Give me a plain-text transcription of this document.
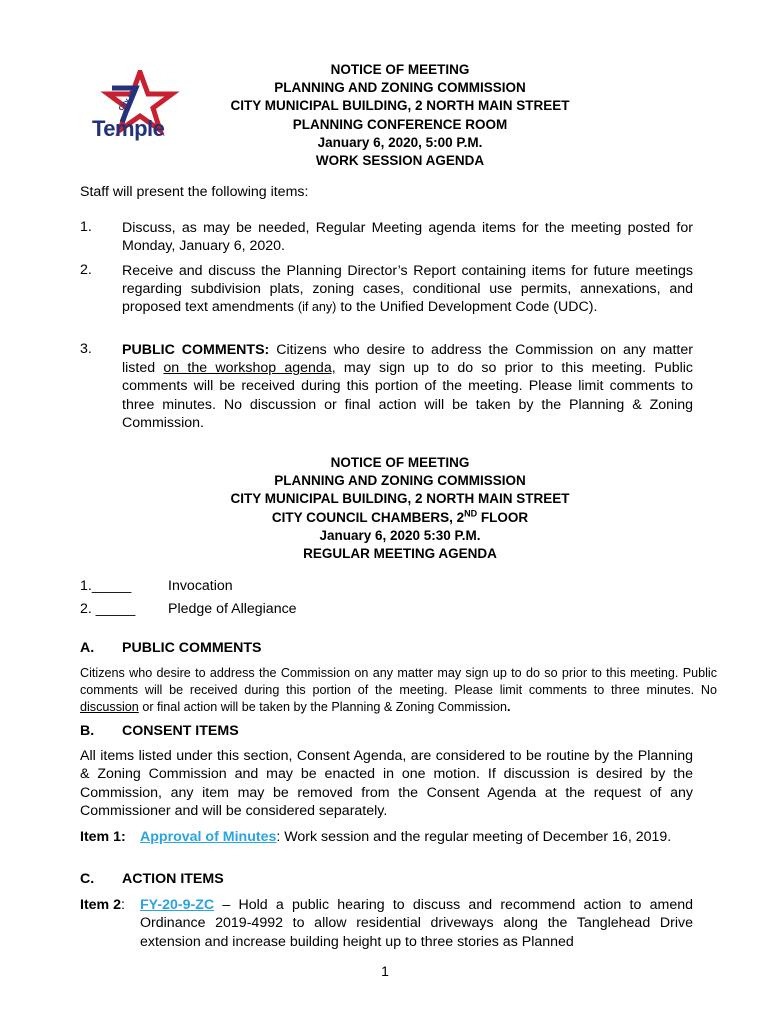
City of
Temple
NOTICE OF MEETING
PLANNING AND ZONING COMMISSION
CITY MUNICIPAL BUILDING, 2 NORTH MAIN STREET
PLANNING CONFERENCE ROOM
January 6, 2020, 5:00 P.M.
WORK SESSION AGENDA
Staff will present the following items:
1. Discuss, as may be needed, Regular Meeting agenda items for the meeting posted for Monday, January 6, 2020.
2. Receive and discuss the Planning Director’s Report containing items for future meetings regarding subdivision plats, zoning cases, conditional use permits, annexations, and proposed text amendments (if any) to the Unified Development Code (UDC).
3. PUBLIC COMMENTS: Citizens who desire to address the Commission on any matter listed on the workshop agenda, may sign up to do so prior to this meeting. Public comments will be received during this portion of the meeting. Please limit comments to three minutes. No discussion or final action will be taken by the Planning & Zoning Commission.
NOTICE OF MEETING
PLANNING AND ZONING COMMISSION
CITY MUNICIPAL BUILDING, 2 NORTH MAIN STREET
CITY COUNCIL CHAMBERS, 2ND FLOOR
January 6, 2020 5:30 P.M.
REGULAR MEETING AGENDA
1._____	Invocation
2. _____ Pledge of Allegiance
A. PUBLIC COMMENTS
Citizens who desire to address the Commission on any matter may sign up to do so prior to this meeting. Public comments will be received during this portion of the meeting. Please limit comments to three minutes. No discussion or final action will be taken by the Planning & Zoning Commission.
B. CONSENT ITEMS
All items listed under this section, Consent Agenda, are considered to be routine by the Planning & Zoning Commission and may be enacted in one motion. If discussion is desired by the Commission, any item may be removed from the Consent Agenda at the request of any Commissioner and will be considered separately.
Item 1: Approval of Minutes: Work session and the regular meeting of December 16, 2019.
C. ACTION ITEMS
Item 2: FY-20-9-ZC – Hold a public hearing to discuss and recommend action to amend Ordinance 2019-4992 to allow residential driveways along the Tanglehead Drive extension and increase building height up to three stories as Planned
1
